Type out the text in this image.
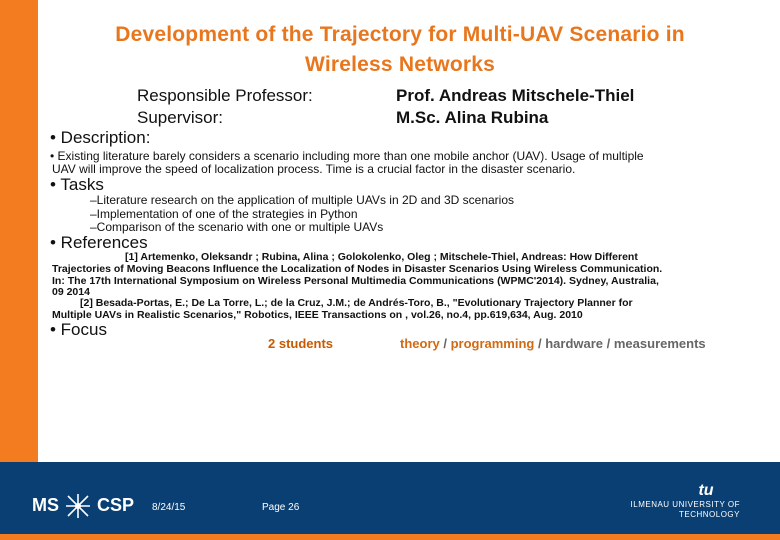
Development of the Trajectory for Multi-UAV Scenario in
Wireless Networks
Responsible Professor:	Prof. Andreas Mitschele-Thiel
Supervisor:	M.Sc. Alina Rubina
• Description:
• Existing literature barely considers a scenario including more than one mobile anchor (UAV). Usage of multiple
UAV will improve the speed of localization process. Time is a crucial factor in the disaster scenario.
• Tasks
–Literature research on the application of multiple UAVs in 2D and 3D scenarios
–Implementation of one of the strategies in Python
–Comparison of the scenario with one or multiple UAVs
• References
[1] Artemenko, Oleksandr ; Rubina, Alina ; Golokolenko, Oleg ; Mitschele-Thiel, Andreas: How Different
Trajectories of Moving Beacons Influence the Localization of Nodes in Disaster Scenarios Using Wireless Communication.
In: The 17th International Symposium on Wireless Personal Multimedia Communications (WPMC'2014). Sydney, Australia,
09 2014
[2] Besada-Portas, E.; De La Torre, L.; de la Cruz, J.M.; de Andrés-Toro, B., "Evolutionary Trajectory Planner for
Multiple UAVs in Realistic Scenarios," Robotics, IEEE Transactions on , vol.26, no.4, pp.619,634, Aug. 2010
• Focus
2 students	theory / programming / hardware / measurements
MS CSP 8/24/15	Page 26
tu
ILMENAU UNIVERSITY OF
TECHNOLOGY
